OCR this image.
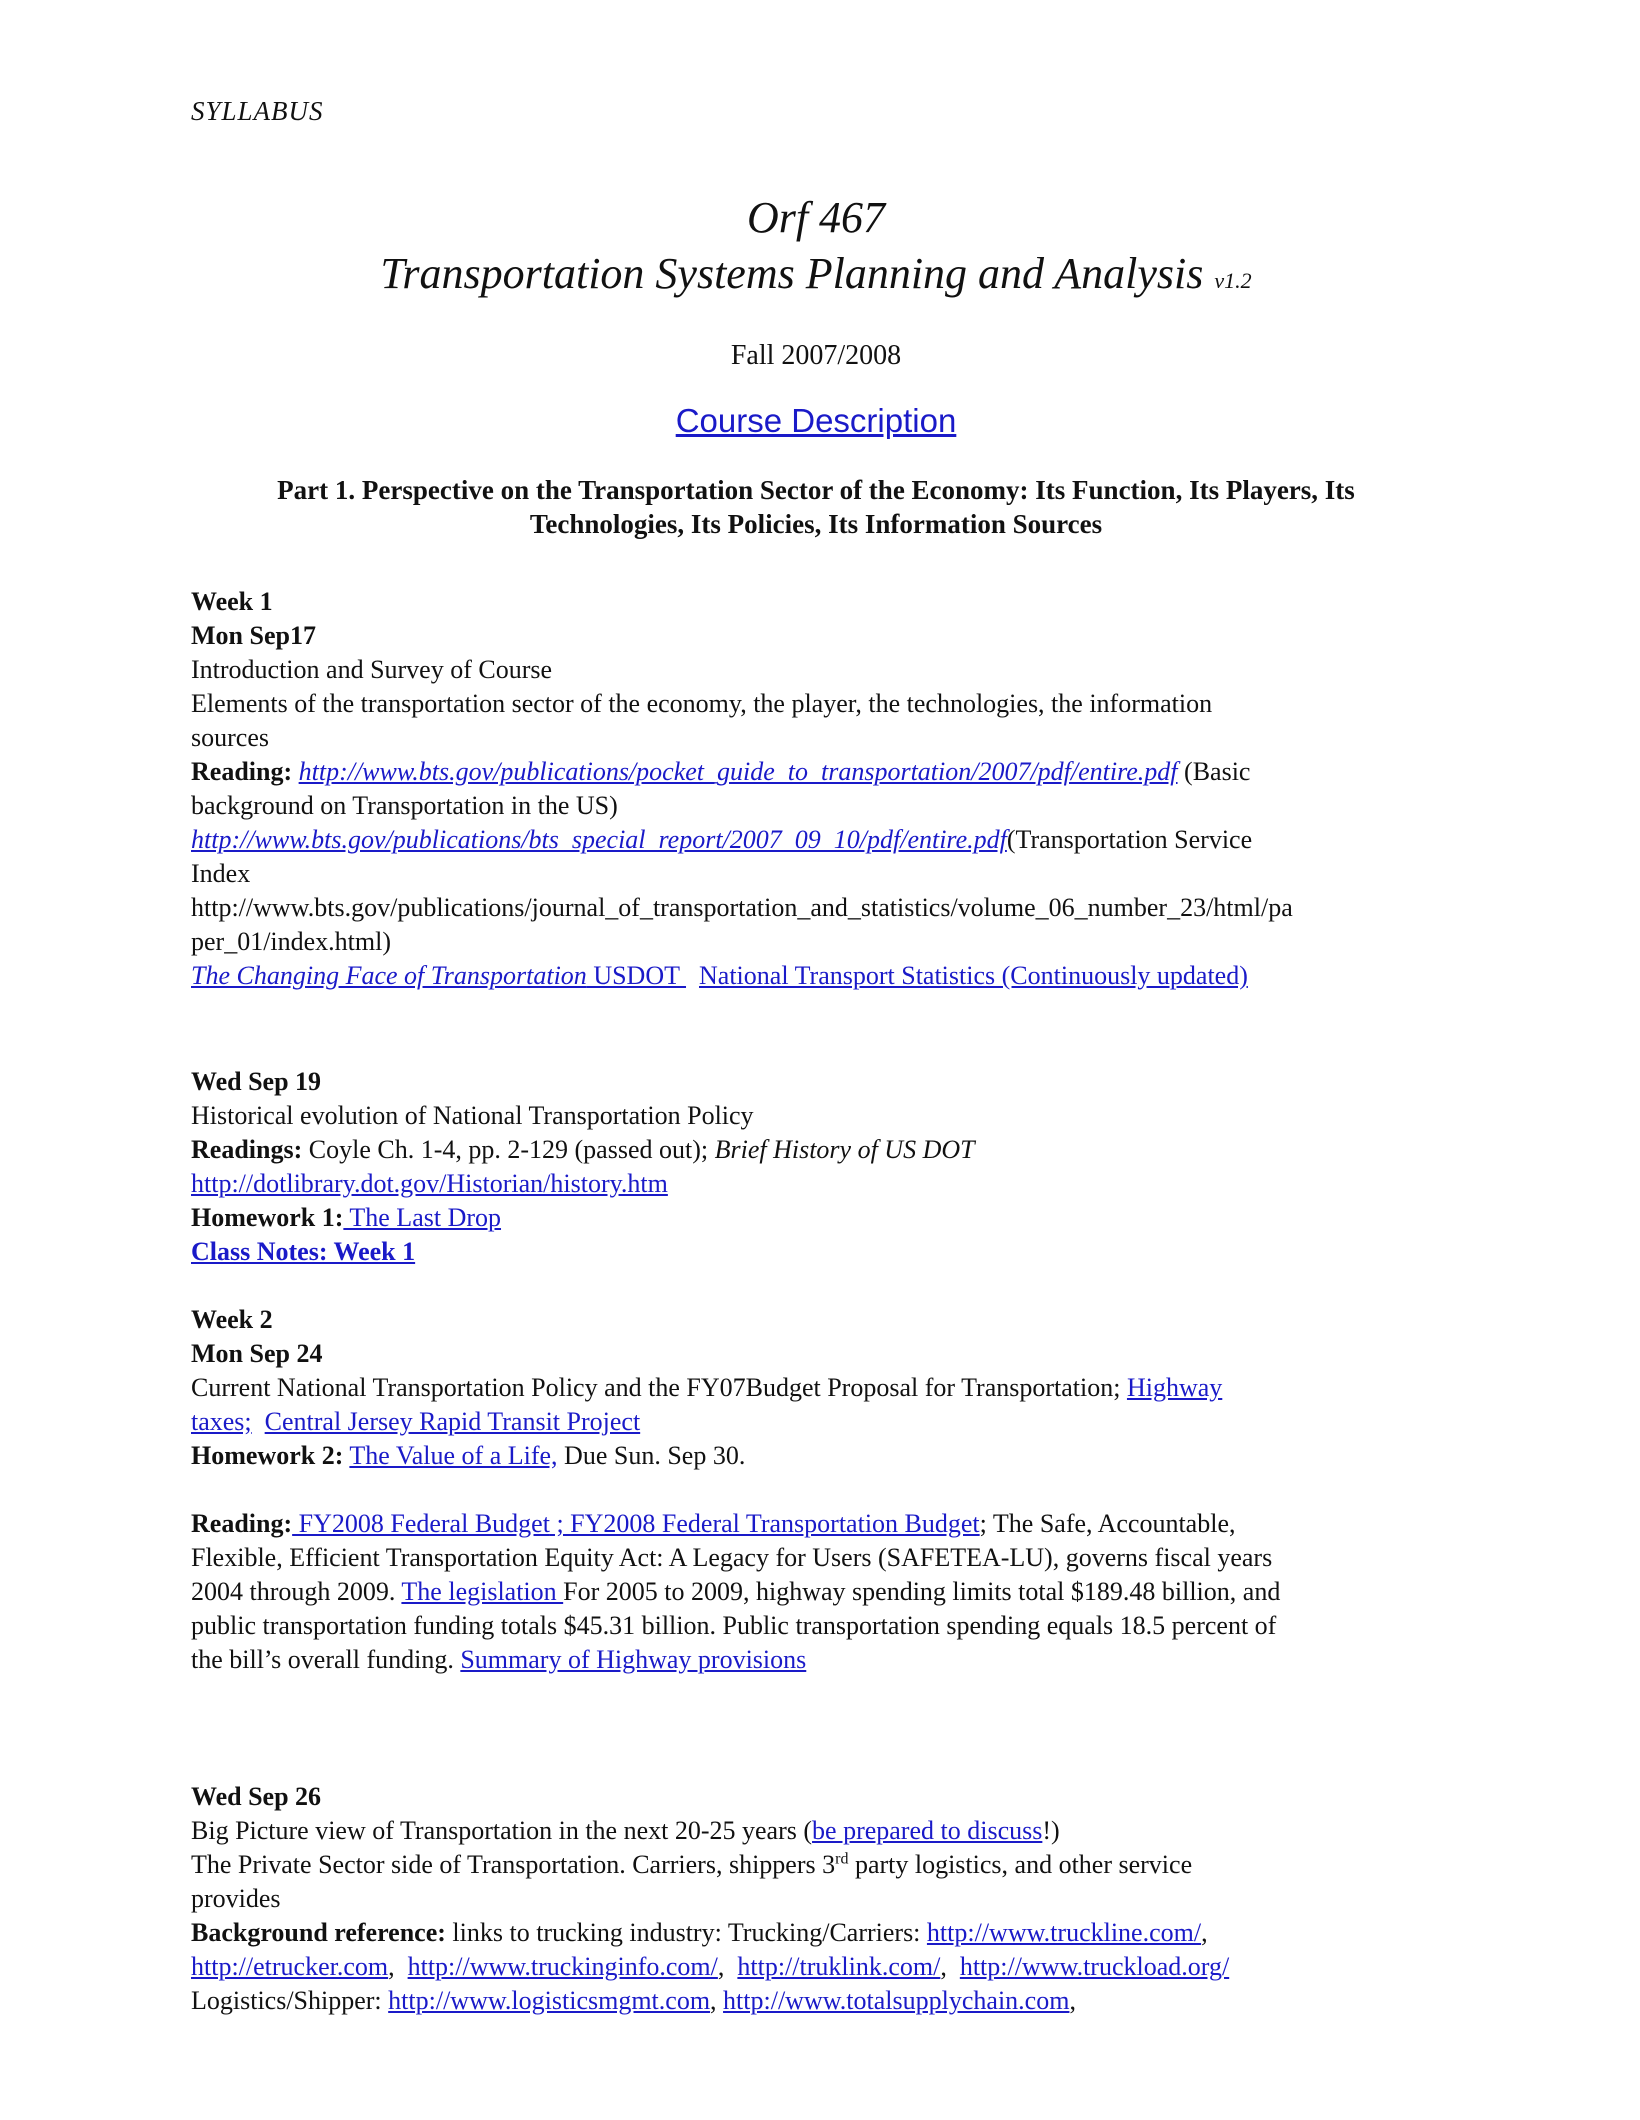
SYLLABUS
Orf 467
Transportation Systems Planning and Analysis v1.2
Fall 2007/2008
Course Description
Part 1. Perspective on the Transportation Sector of the Economy: Its Function, Its Players, Its
Technologies, Its Policies, Its Information Sources
Week 1
Mon Sep17
Introduction and Survey of Course
Elements of the transportation sector of the economy, the player, the technologies, the information
sources
Reading: http://www.bts.gov/publications/pocket_guide_to_transportation/2007/pdf/entire.pdf (Basic
background on Transportation in the US)
http://www.bts.gov/publications/bts_special_report/2007_09_10/pdf/entire.pdf(Transportation Service
Index
http://www.bts.gov/publications/journal_of_transportation_and_statistics/volume_06_number_23/html/pa
per_01/index.html)
The Changing Face of Transportation USDOT   National Transport Statistics (Continuously updated)
Wed Sep 19
Historical evolution of National Transportation Policy
Readings: Coyle Ch. 1-4, pp. 2-129 (passed out); Brief History of US DOT
http://dotlibrary.dot.gov/Historian/history.htm
Homework 1: The Last Drop
Class Notes: Week 1
Week 2
Mon Sep 24
Current National Transportation Policy and the FY07Budget Proposal for Transportation; Highway
taxes; Central Jersey Rapid Transit Project
Homework 2: The Value of a Life, Due Sun. Sep 30.
Reading: FY2008 Federal Budget ; FY2008 Federal Transportation Budget; The Safe, Accountable,
Flexible, Efficient Transportation Equity Act: A Legacy for Users (SAFETEA-LU), governs fiscal years
2004 through 2009. The legislation For 2005 to 2009, highway spending limits total $189.48 billion, and
public transportation funding totals $45.31 billion. Public transportation spending equals 18.5 percent of
the bill’s overall funding. Summary of Highway provisions
Wed Sep 26
Big Picture view of Transportation in the next 20-25 years (be prepared to discuss!)
The Private Sector side of Transportation. Carriers, shippers 3rd party logistics, and other service
provides
Background reference: links to trucking industry: Trucking/Carriers: http://www.truckline.com/,
http://etrucker.com,  http://www.truckinginfo.com/,  http://truklink.com/,  http://www.truckload.org/
Logistics/Shipper: http://www.logisticsmgmt.com, http://www.totalsupplychain.com,
